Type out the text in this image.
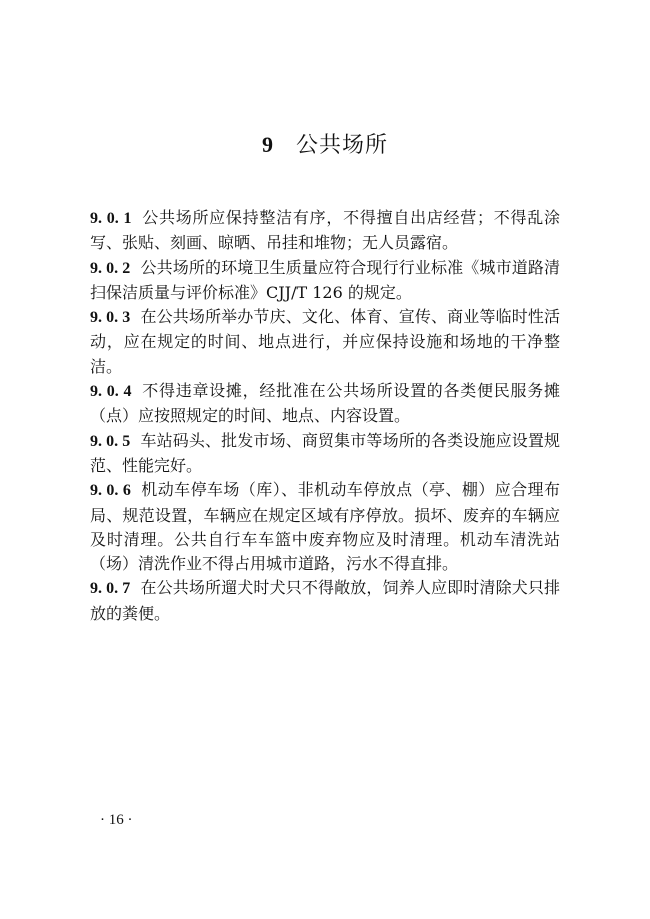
9 公共场所

9. 0. 1 公共场所应保持整洁有序，不得擅自出店经营；不得乱涂写、张贴、刻画、晾晒、吊挂和堆物；无人员露宿。

9. 0. 2 公共场所的环境卫生质量应符合现行行业标准《城市道路清扫保洁质量与评价标准》CJJ/T 126 的规定。

9. 0. 3 在公共场所举办节庆、文化、体育、宣传、商业等临时性活动，应在规定的时间、地点进行，并应保持设施和场地的干净整洁。

9. 0. 4 不得违章设摊，经批准在公共场所设置的各类便民服务摊（点）应按照规定的时间、地点、内容设置。

9. 0. 5 车站码头、批发市场、商贸集市等场所的各类设施应设置规范、性能完好。

9. 0. 6 机动车停车场（库）、非机动车停放点（亭、棚）应合理布局、规范设置，车辆应在规定区域有序停放。损坏、废弃的车辆应及时清理。公共自行车车篮中废弃物应及时清理。机动车清洗站（场）清洗作业不得占用城市道路，污水不得直排。

9. 0. 7 在公共场所遛犬时犬只不得敞放，饲养人应即时清除犬只排放的粪便。

· 16 ·
